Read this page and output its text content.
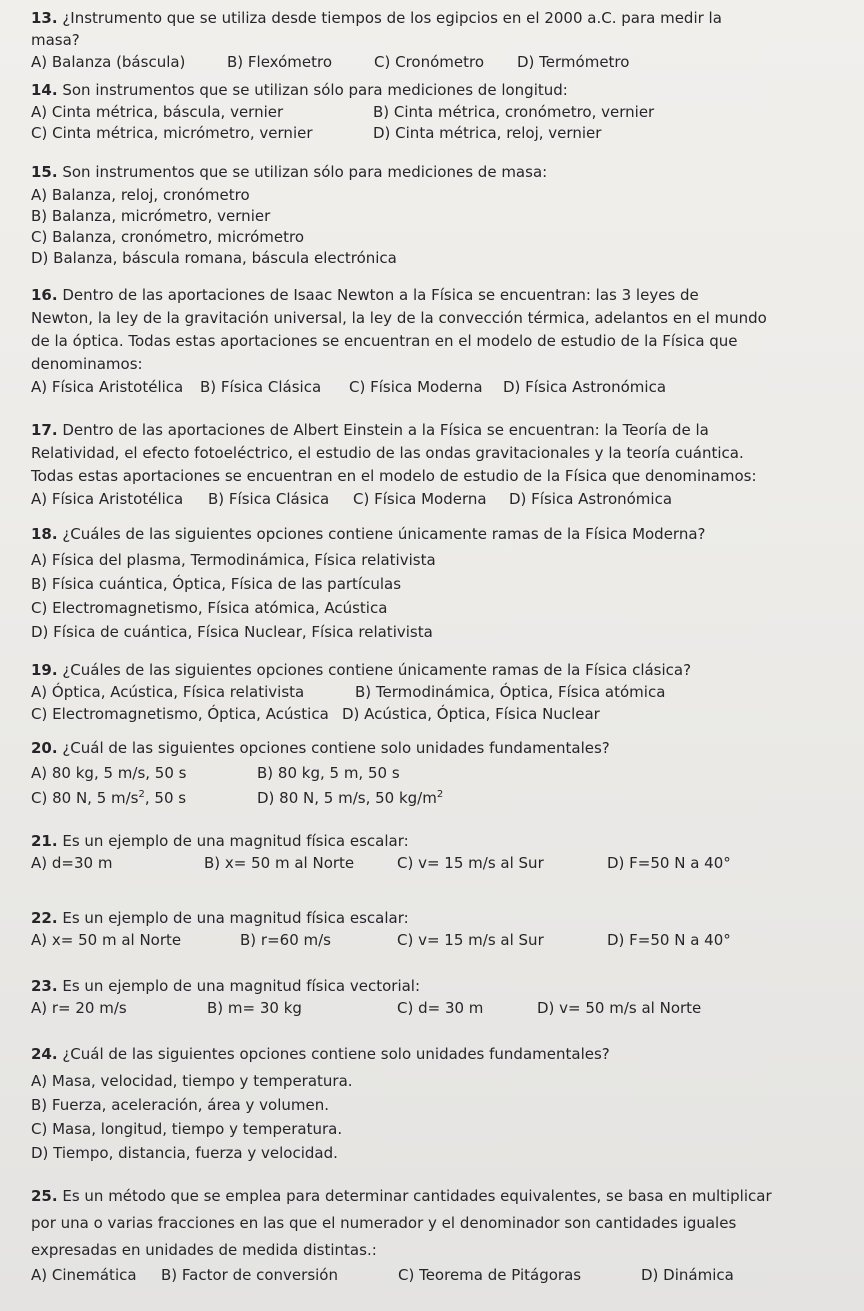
13. ¿Instrumento que se utiliza desde tiempos de los egipcios en el 2000 a.C. para medir la
masa?
A) Balanza (báscula)	B) Flexómetro	C) Cronómetro D) Termómetro
14. Son instrumentos que se utilizan sólo para mediciones de longitud:
A) Cinta métrica, báscula, vernier	B) Cinta métrica, cronómetro, vernier
C) Cinta métrica, micrómetro, vernier	D) Cinta métrica, reloj, vernier
15. Son instrumentos que se utilizan sólo para mediciones de masa:
A) Balanza, reloj, cronómetro
B) Balanza, micrómetro, vernier
C) Balanza, cronómetro, micrómetro
D) Balanza, báscula romana, báscula electrónica
16. Dentro de las aportaciones de Isaac Newton a la Física se encuentran: las 3 leyes de
Newton, la ley de la gravitación universal, la ley de la convección térmica, adelantos en el mundo
de la óptica. Todas estas aportaciones se encuentran en el modelo de estudio de la Física que
denominamos:
A) Física Aristotélica B) Física Clásica C) Física Moderna D) Física Astronómica
17. Dentro de las aportaciones de Albert Einstein a la Física se encuentran: la Teoría de la
Relatividad, el efecto fotoeléctrico, el estudio de las ondas gravitacionales y la teoría cuántica.
Todas estas aportaciones se encuentran en el modelo de estudio de la Física que denominamos:
A) Física Aristotélica B) Física Clásica C) Física Moderna D) Física Astronómica
18. ¿Cuáles de las siguientes opciones contiene únicamente ramas de la Física Moderna?
A) Física del plasma, Termodinámica, Física relativista
B) Física cuántica, Óptica, Física de las partículas
C) Electromagnetismo, Física atómica, Acústica
D) Física de cuántica, Física Nuclear, Física relativista
19. ¿Cuáles de las siguientes opciones contiene únicamente ramas de la Física clásica?
A) Óptica, Acústica, Física relativista	B) Termodinámica, Óptica, Física atómica
C) Electromagnetismo, Óptica, Acústica D) Acústica, Óptica, Física Nuclear
20. ¿Cuál de las siguientes opciones contiene solo unidades fundamentales?
A) 80 kg, 5 m/s, 50 s	B) 80 kg, 5 m, 50 s
C) 80 N, 5 $m/s^2$, 50 s	D) 80 N, 5 m/s, 50 $kg/m^2$
21. Es un ejemplo de una magnitud física escalar:
A) d=30 m	B) x= 50 m al Norte	C) v= 15 m/s al Sur	D) F=50 N a 40°
22. Es un ejemplo de una magnitud física escalar:
A) x= 50 m al Norte	B) r=60 m/s	C) v= 15 m/s al Sur	D) F=50 N a 40°
23. Es un ejemplo de una magnitud física vectorial:
A) r= 20 m/s	B) m= 30 kg	C) d= 30 m	D) v= 50 m/s al Norte
24. ¿Cuál de las siguientes opciones contiene solo unidades fundamentales?
A) Masa, velocidad, tiempo y temperatura.
B) Fuerza, aceleración, área y volumen.
C) Masa, longitud, tiempo y temperatura.
D) Tiempo, distancia, fuerza y velocidad.
25. Es un método que se emplea para determinar cantidades equivalentes, se basa en multiplicar
por una o varias fracciones en las que el numerador y el denominador son cantidades iguales
expresadas en unidades de medida distintas.:
A) Cinemática B) Factor de conversión	C) Teorema de Pitágoras	D) Dinámica
